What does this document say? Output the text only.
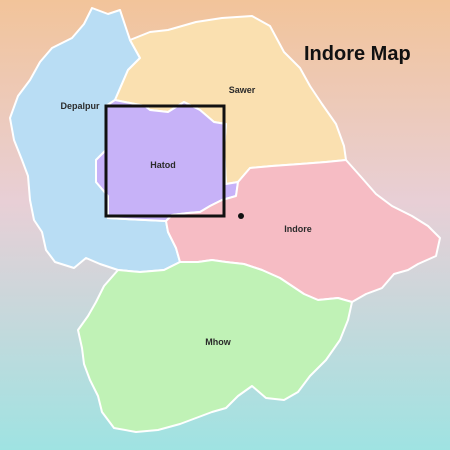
Depalpur
Sawer
Hatod
Indore
Mhow
Indore Map
